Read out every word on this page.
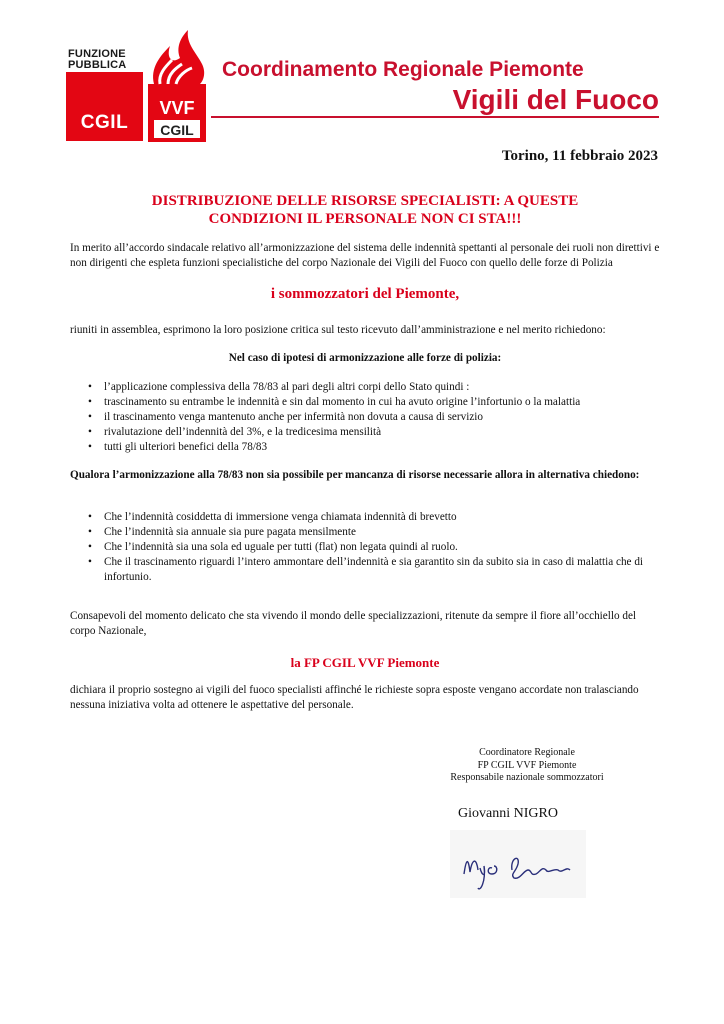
FUNZIONE
PUBBLICA
CGIL
VVF
CGIL
Coordinamento Regionale Piemonte
Vigili del Fuoco
Torino, 11 febbraio 2023
DISTRIBUZIONE DELLE RISORSE SPECIALISTI: A QUESTE
CONDIZIONI IL PERSONALE NON CI STA!!!
In merito all’accordo sindacale relativo all’armonizzazione del sistema delle indennità spettanti al personale dei ruoli non direttivi e non dirigenti che espleta funzioni specialistiche del corpo Nazionale dei Vigili del Fuoco con quello delle forze di Polizia
i sommozzatori del Piemonte,
riuniti in assemblea, esprimono la loro posizione critica sul testo ricevuto dall’amministrazione e nel merito richiedono:
Nel caso di ipotesi di armonizzazione alle forze di polizia:
• l’applicazione complessiva della 78/83 al pari degli altri corpi dello Stato quindi :
• trascinamento su entrambe le indennità e sin dal momento in cui ha avuto origine l’infortunio o la malattia
• il trascinamento venga mantenuto anche per infermità non dovuta a causa di servizio
• rivalutazione dell’indennità del 3%, e la tredicesima mensilità
• tutti gli ulteriori benefici della 78/83
Qualora l’armonizzazione alla 78/83 non sia possibile per mancanza di risorse necessarie allora in alternativa chiedono:
• Che l’indennità cosiddetta di immersione venga chiamata indennità di brevetto
• Che l’indennità sia annuale sia pure pagata mensilmente
• Che l’indennità sia una sola ed uguale per tutti (flat) non legata quindi al ruolo.
• Che il trascinamento riguardi l’intero ammontare dell’indennità e sia garantito sin da subito sia in caso di malattia che di infortunio.
Consapevoli del momento delicato che sta vivendo il mondo delle specializzazioni, ritenute da sempre il fiore all’occhiello del corpo Nazionale,
la FP CGIL VVF Piemonte
dichiara il proprio sostegno ai vigili del fuoco specialisti affinché le richieste sopra esposte vengano accordate non tralasciando nessuna iniziativa volta ad ottenere le aspettative del personale.
Coordinatore Regionale
FP CGIL VVF Piemonte
Responsabile nazionale sommozzatori
Giovanni NIGRO
